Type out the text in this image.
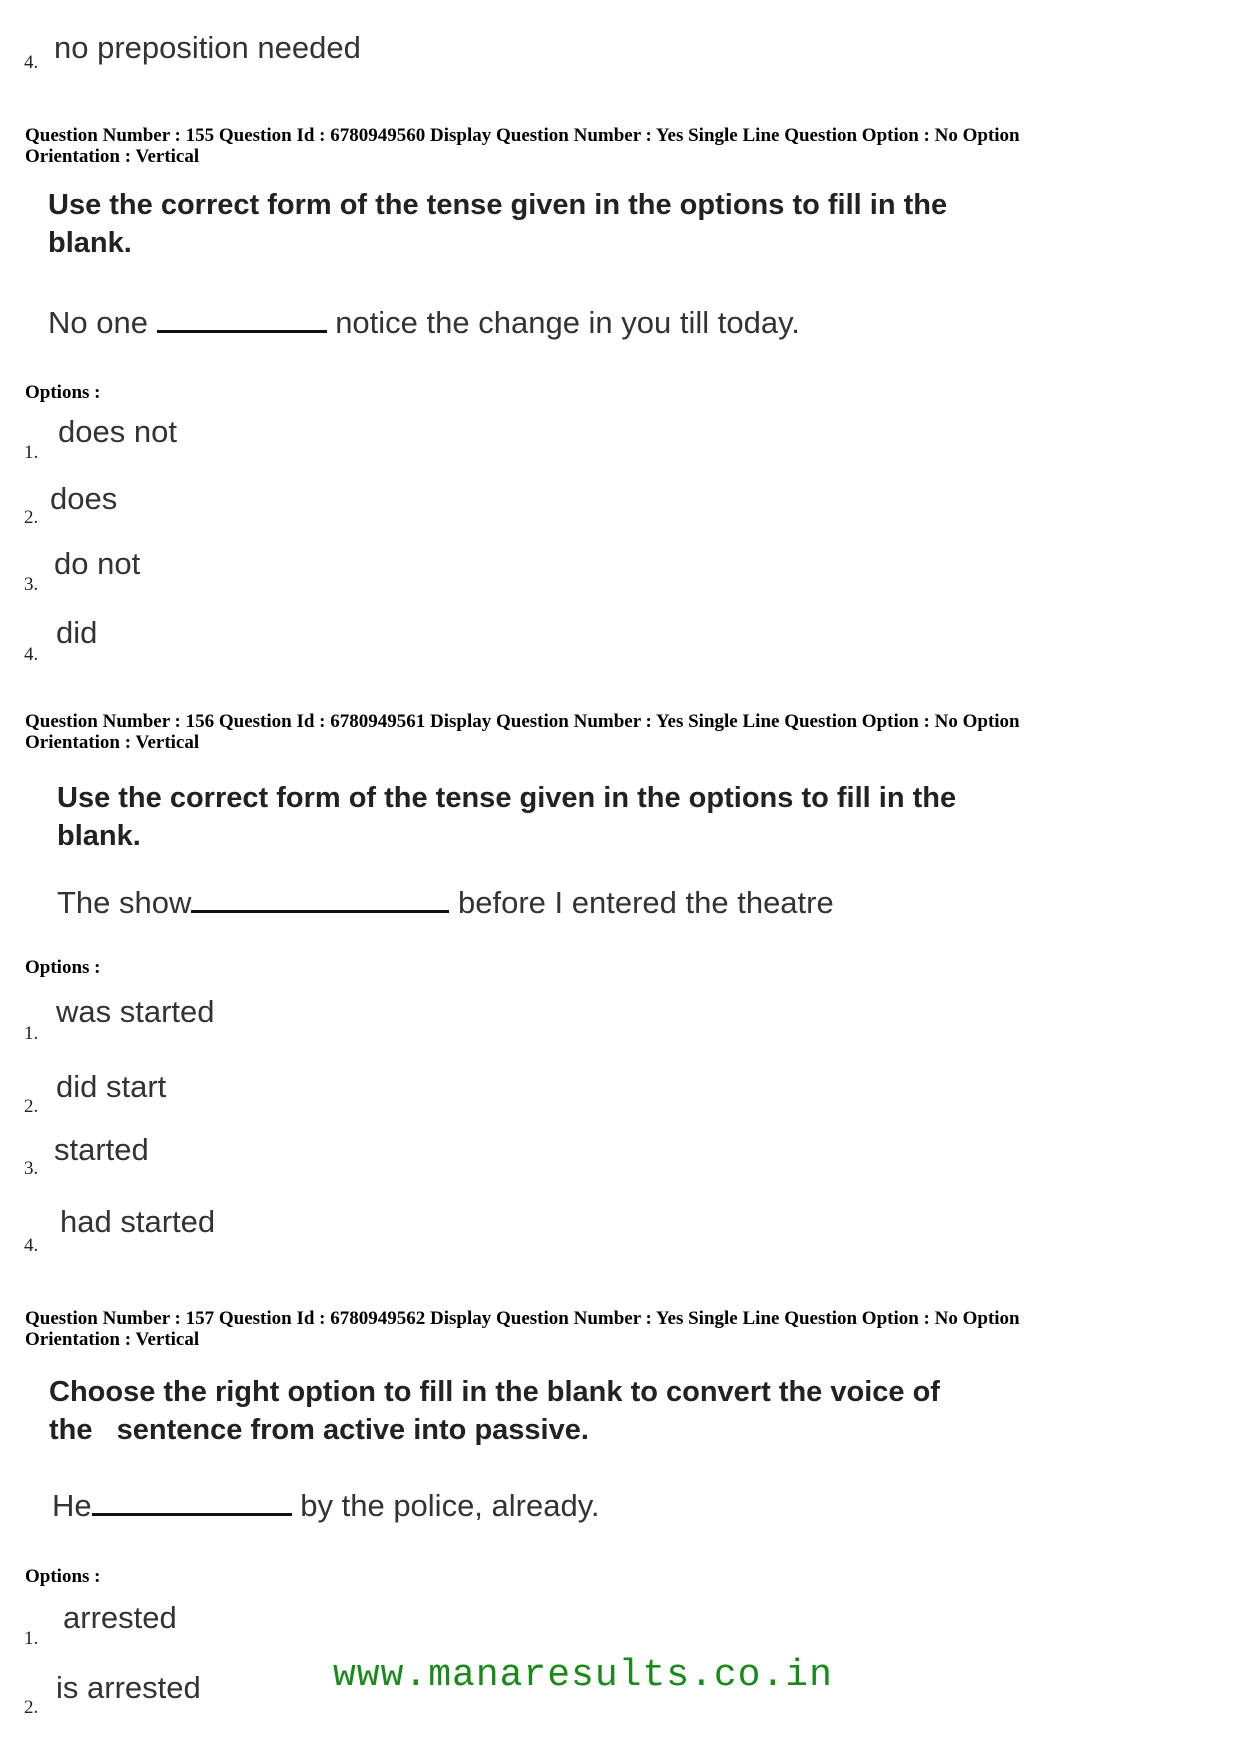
4. no preposition needed
Question Number : 155 Question Id : 6780949560 Display Question Number : Yes Single Line Question Option : No Option
Orientation : Vertical
Use the correct form of the tense given in the options to fill in the
blank.
No one	notice the change in you till today.
Options :
1.
does not
2.
does
3.
do not
4.
did
Question Number : 156 Question Id : 6780949561 Display Question Number : Yes Single Line Question Option : No Option
Orientation : Vertical
Use the correct form of the tense given in the options to fill in the
blank.
The show	before I entered the theatre
Options :
1.
was started
2.
did start
3.
started
4.
had started
Question Number : 157 Question Id : 6780949562 Display Question Number : Yes Single Line Question Option : No Option
Orientation : Vertical
Choose the right option to fill in the blank to convert the voice of
the   sentence from active into passive.
He	by the police, already.
Options :
1.
arrested
2.
is arrested	www.manaresults.co.in
